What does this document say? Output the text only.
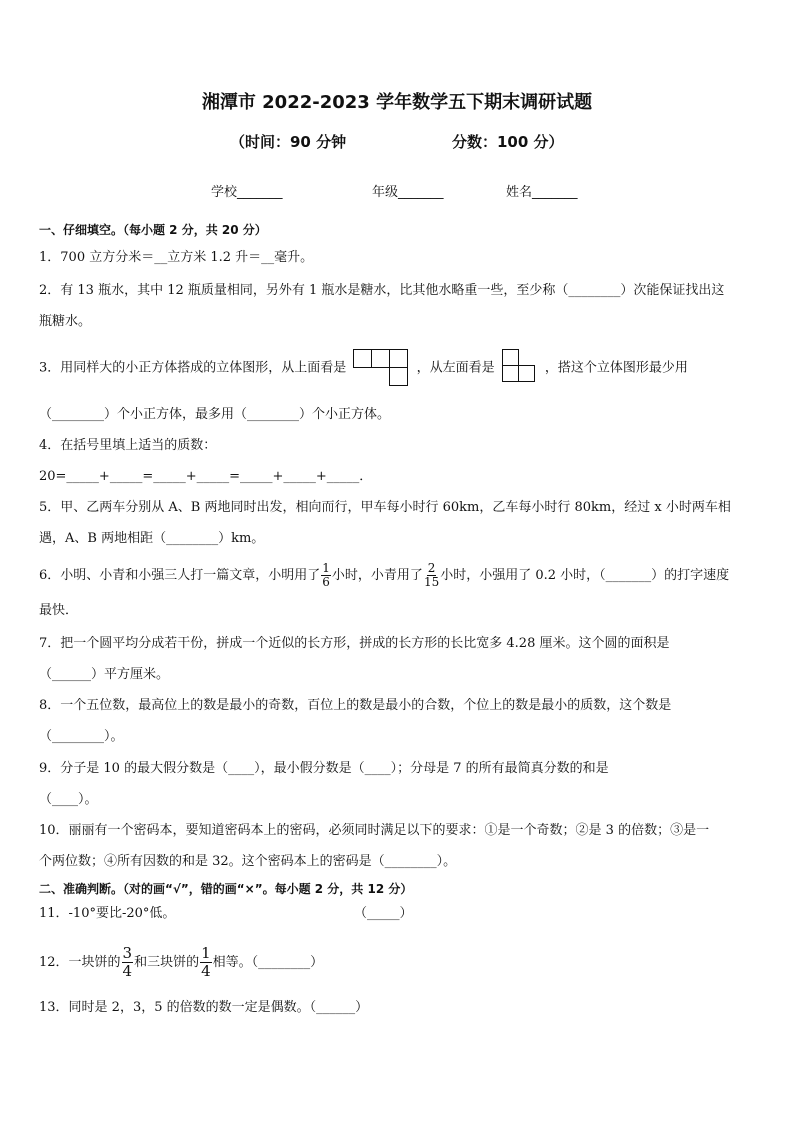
湘潭市 2022-2023 学年数学五下期末调研试题
（时间：90 分钟	分数：100 分）
学校_______	年级_______	姓名_______
一、仔细填空。（每小题 2 分，共 20 分）
1．700 立方分米＝__立方米 1.2 升＝__毫升。
2．有 13 瓶水，其中 12 瓶质量相同，另外有 1 瓶水是糖水，比其他水略重一些，至少称（________）次能保证找出这
瓶糖水。
3．用同样大的小正方体搭成的立体图形，从上面看是	，从左面看是	，搭这个立体图形最少用
（________）个小正方体，最多用（________）个小正方体。
4．在括号里填上适当的质数：
20=_____+_____=_____+_____=_____+_____+_____．
5．甲、乙两车分别从 A、B 两地同时出发，相向而行，甲车每小时行 60km，乙车每小时行 80km，经过 x 小时两车相
遇，A、B 两地相距（________）km。
6．小明、小青和小强三人打一篇文章，小明用了 $\frac{1}{6}$ 小时，小青用了 $\frac{2}{15}$ 小时，小强用了 0.2 小时，（_______）的打字速度
最快．
7．把一个圆平均分成若干份，拼成一个近似的长方形，拼成的长方形的长比宽多 4.28 厘米。这个圆的面积是
（______）平方厘米。
8．一个五位数，最高位上的数是最小的奇数，百位上的数是最小的合数，个位上的数是最小的质数，这个数是
（________）。
9．分子是 10 的最大假分数是（____），最小假分数是（____）；分母是 7 的所有最简真分数的和是
（____）。
10．丽丽有一个密码本，要知道密码本上的密码，必须同时满足以下的要求：①是一个奇数；②是 3 的倍数；③是一
个两位数；④所有因数的和是 32。这个密码本上的密码是（________）。
二、准确判断。（对的画“√”，错的画“×”。每小题 2 分，共 12 分）
11．-10°要比-20°低。	（_____）
12．一块饼的 $\frac{3}{4}$ 和三块饼的 $\frac{1}{4}$ 相等。（________）
13．同时是 2，3，5 的倍数的数一定是偶数。（______）
